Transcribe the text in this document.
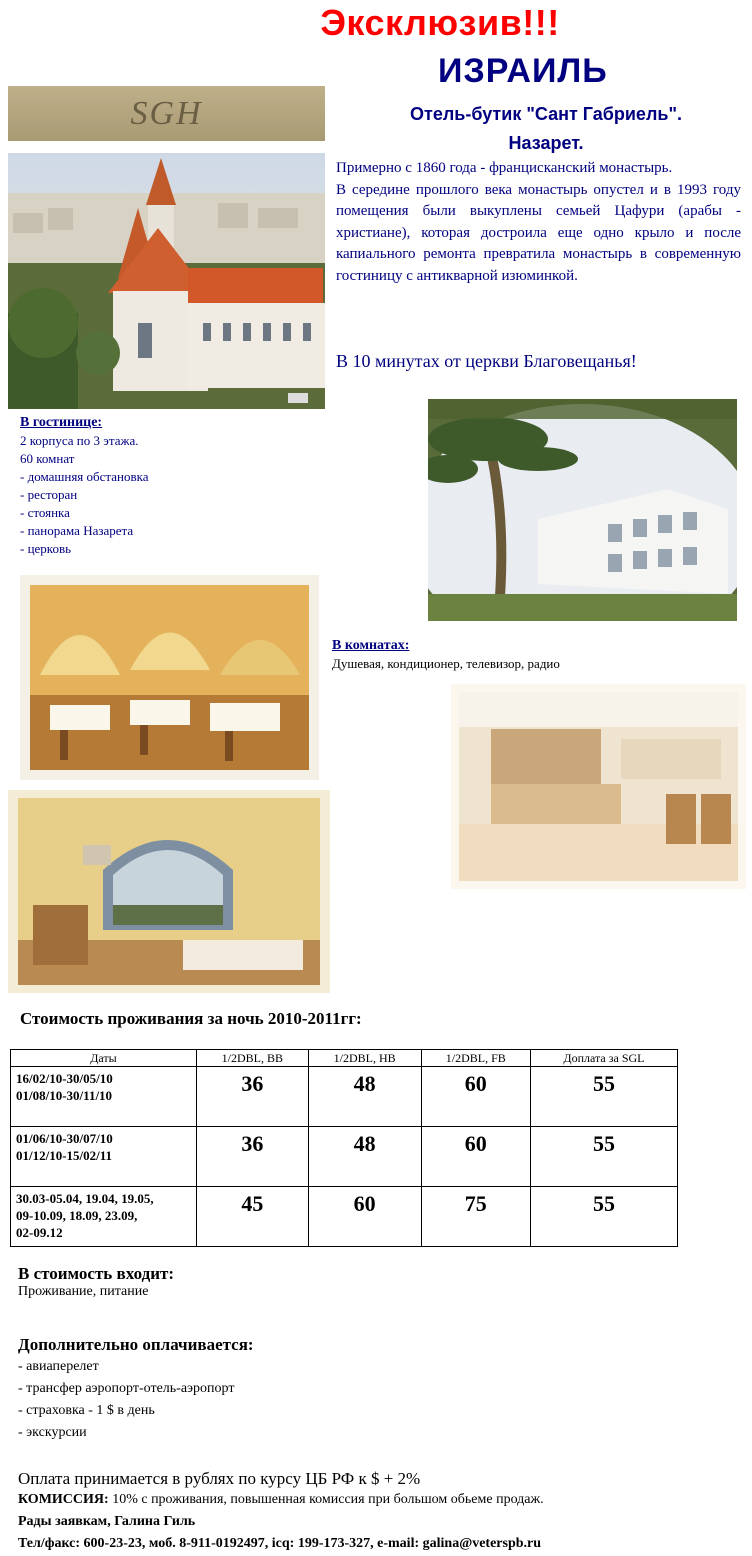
Эксклюзив!!!
ИЗРАИЛЬ
Отель-бутик "Сант Габриель".
Назарет.
SGH

Примерно с 1860 года - францисканский монастырь.

В середине прошлого века монастырь опустел и в 1993 году помещения были выкуплены семьей Цафури (арабы - христиане), которая достроила еще одно крыло и после капиального ремонта превратила монастырь в современную гостиницу с антикварной изюминкой.

В 10 минутах от церкви Благовещанья!
В гостинице:
2 корпуса по 3 этажа.
60 комнат
- домашняя обстановка
- ресторан
- стоянка
- панорама Назарета
- церковь
В комнатах:
Душевая, кондиционер, телевизор, радио
Стоимость проживания за ночь 2010-2011гг:
Даты	1/2DBL, BB	1/2DBL, HB	1/2DBL, FB	Доплата за SGL

16/02/10-30/05/10
01/08/10-30/11/10	36	48	60	55

01/06/10-30/07/10
01/12/10-15/02/11	36	48	60	55

30.03-05.04, 19.04, 19.05,
09-10.09, 18.09, 23.09,
02-09.12	45	60	75	55
В стоимость входит:
Проживание, питание
Дополнительно оплачивается:
- авиаперелет
- трансфер аэропорт-отель-аэропорт
- страховка - 1 $ в день
- экскурсии
Оплата принимается в рублях по курсу ЦБ РФ к $ + 2%
КОМИССИЯ: 10% с проживания, повышенная комиссия при большом обьеме продаж.
Рады заявкам, Галина Гиль
Тел/факс: 600-23-23, моб. 8-911-0192497, icq: 199-173-327, e-mail: galina@veterspb.ru
